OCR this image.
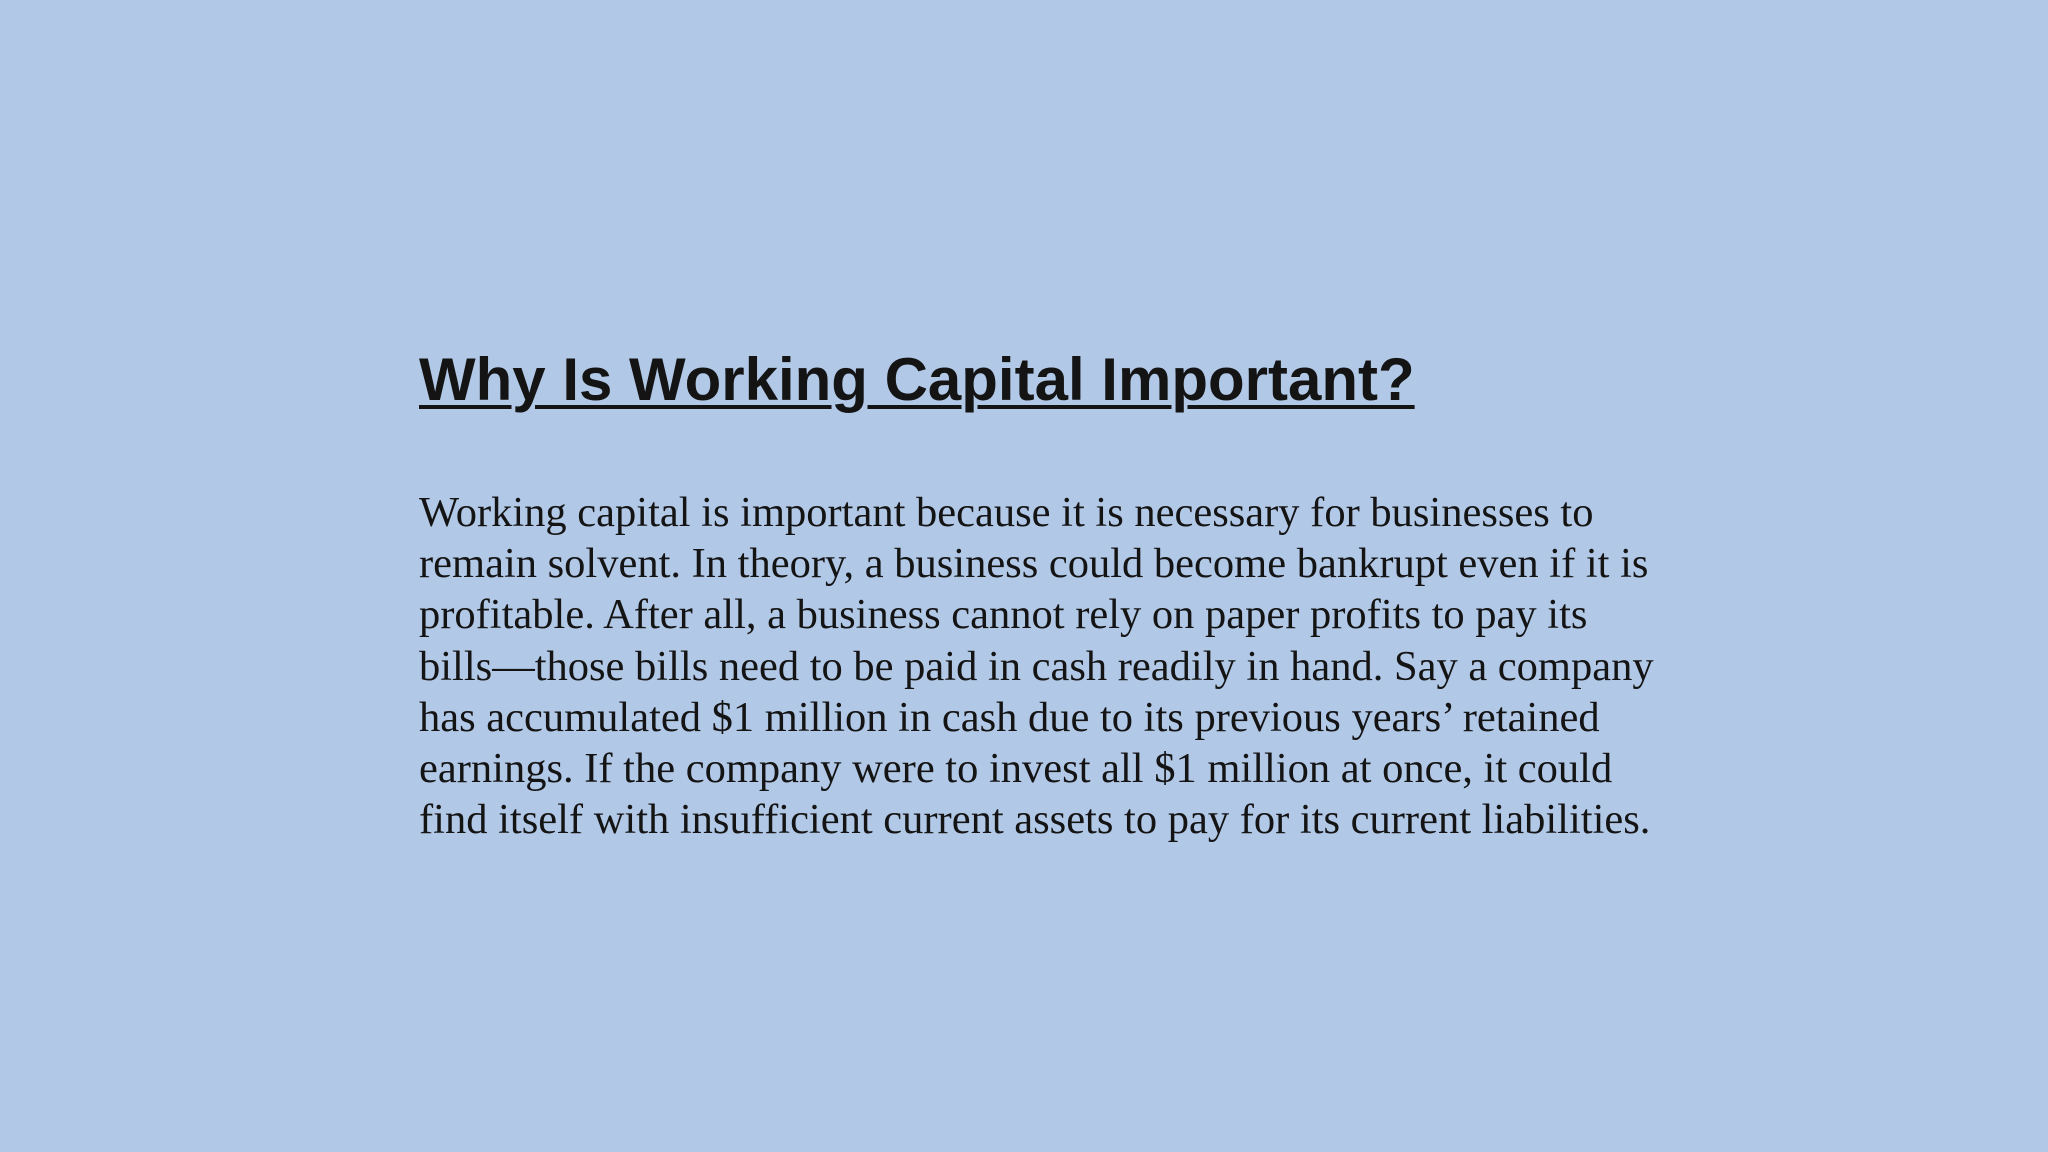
Why Is Working Capital Important?

Working capital is important because it is necessary for businesses to
remain solvent. In theory, a business could become bankrupt even if it is
profitable. After all, a business cannot rely on paper profits to pay its
bills—those bills need to be paid in cash readily in hand. Say a company
has accumulated $1 million in cash due to its previous years’ retained
earnings. If the company were to invest all $1 million at once, it could
find itself with insufficient current assets to pay for its current liabilities.
